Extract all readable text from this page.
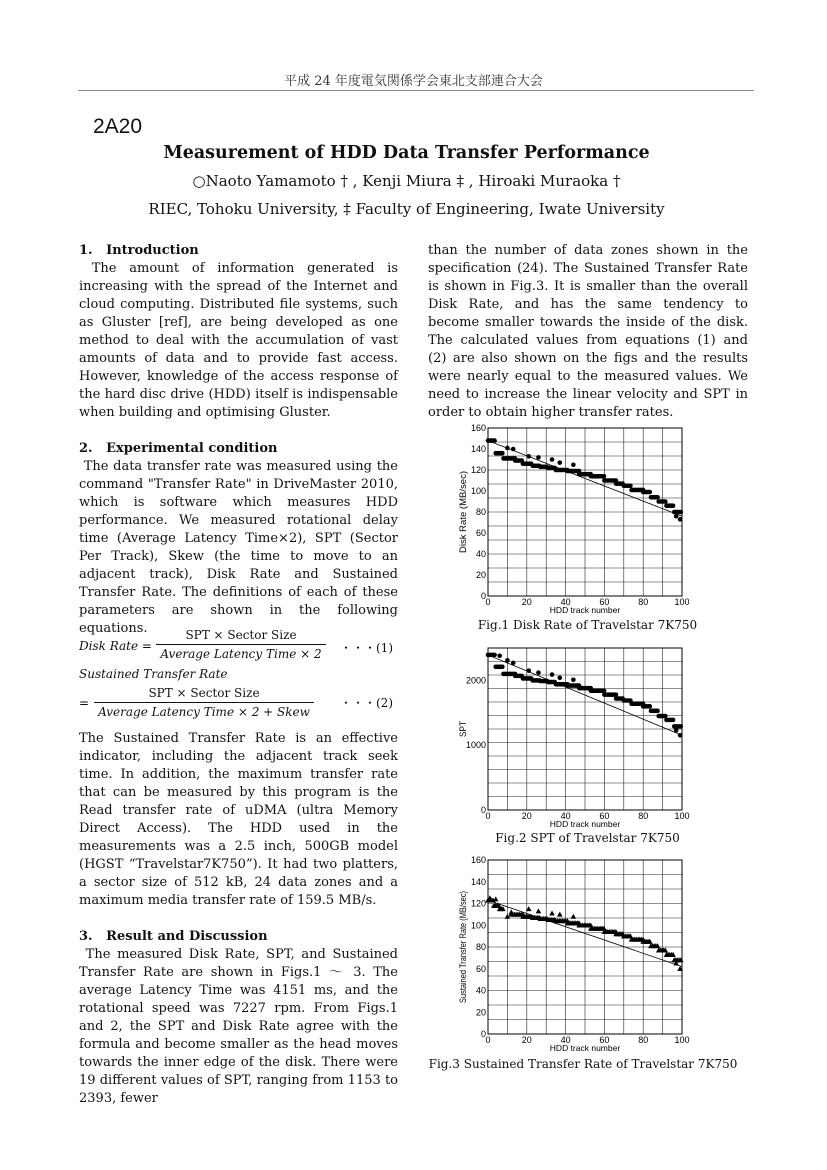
平成 24 年度電気関係学会東北支部連合大会
2A20
Measurement of HDD Data Transfer Performance
○Naoto Yamamoto † , Kenji Miura ‡ , Hiroaki Muraoka †
RIEC, Tohoku University, ‡ Faculty of Engineering, Iwate University
1.   Introduction
The amount of information generated is increasing with the spread of the Internet and cloud computing. Distributed file systems, such as Gluster [ref], are being developed as one method to deal with the accumulation of vast amounts of data and to provide fast access. However, knowledge of the access response of the hard disc drive (HDD) itself is indispensable when building and optimising Gluster.
2.   Experimental condition
The data transfer rate was measured using the command "Transfer Rate" in DriveMaster 2010, which is software which measures HDD performance. We measured rotational delay time (Average Latency Time×2), SPT (Sector Per Track), Skew (the time to move to an adjacent track), Disk Rate and Sustained Transfer Rate. The definitions of each of these parameters are shown in the following equations.
Disk Rate =
SPT × Sector Size
Average Latency Time × 2	・・・(1)
Sustained Transfer Rate
=
SPT × Sector Size
Average Latency Time × 2 + Skew
・・・(2)
The Sustained Transfer Rate is an effective indicator, including the adjacent track seek time. In addition, the maximum transfer rate that can be measured by this program is the Read transfer rate of uDMA (ultra Memory Direct Access). The HDD used in the measurements was a 2.5 inch, 500GB model (HGST “Travelstar7K750”). It had two platters, a sector size of 512 kB, 24 data zones and a maximum media transfer rate of 159.5 MB/s.
3.   Result and Discussion
The measured Disk Rate, SPT, and Sustained Transfer Rate are shown in Figs.1 ～ 3. The average Latency Time was 4151 ms, and the rotational speed was 7227 rpm. From Figs.1 and 2, the SPT and Disk Rate agree with the formula and become smaller as the head moves towards the inner edge of the disk. There were 19 different values of SPT, ranging from 1153 to 2393, fewer
than the number of data zones shown in the specification (24). The Sustained Transfer Rate is shown in Fig.3. It is smaller than the overall Disk Rate, and has the same tendency to become smaller towards the inside of the disk. The calculated values from equations (1) and (2) are also shown on the figs and the results were nearly equal to the measured values. We need to increase the linear velocity and SPT in order to obtain higher transfer rates.
0	20	40	60	80	100
0
20
40
60
80
100
120
140
160
HDD track number
Disk Rate (MB/sec)
Fig.1 Disk Rate of Travelstar 7K750
0	20	40	60	80	100
0
1000
2000
HDD track number
SPT
Fig.2 SPT of Travelstar 7K750
0	20	40	60	80	100
0
20
40
60
80
100
120
140
160
HDD track number
Sustained Transfer Rate (MB/sec)
Fig.3 Sustained Transfer Rate of Travelstar 7K750
